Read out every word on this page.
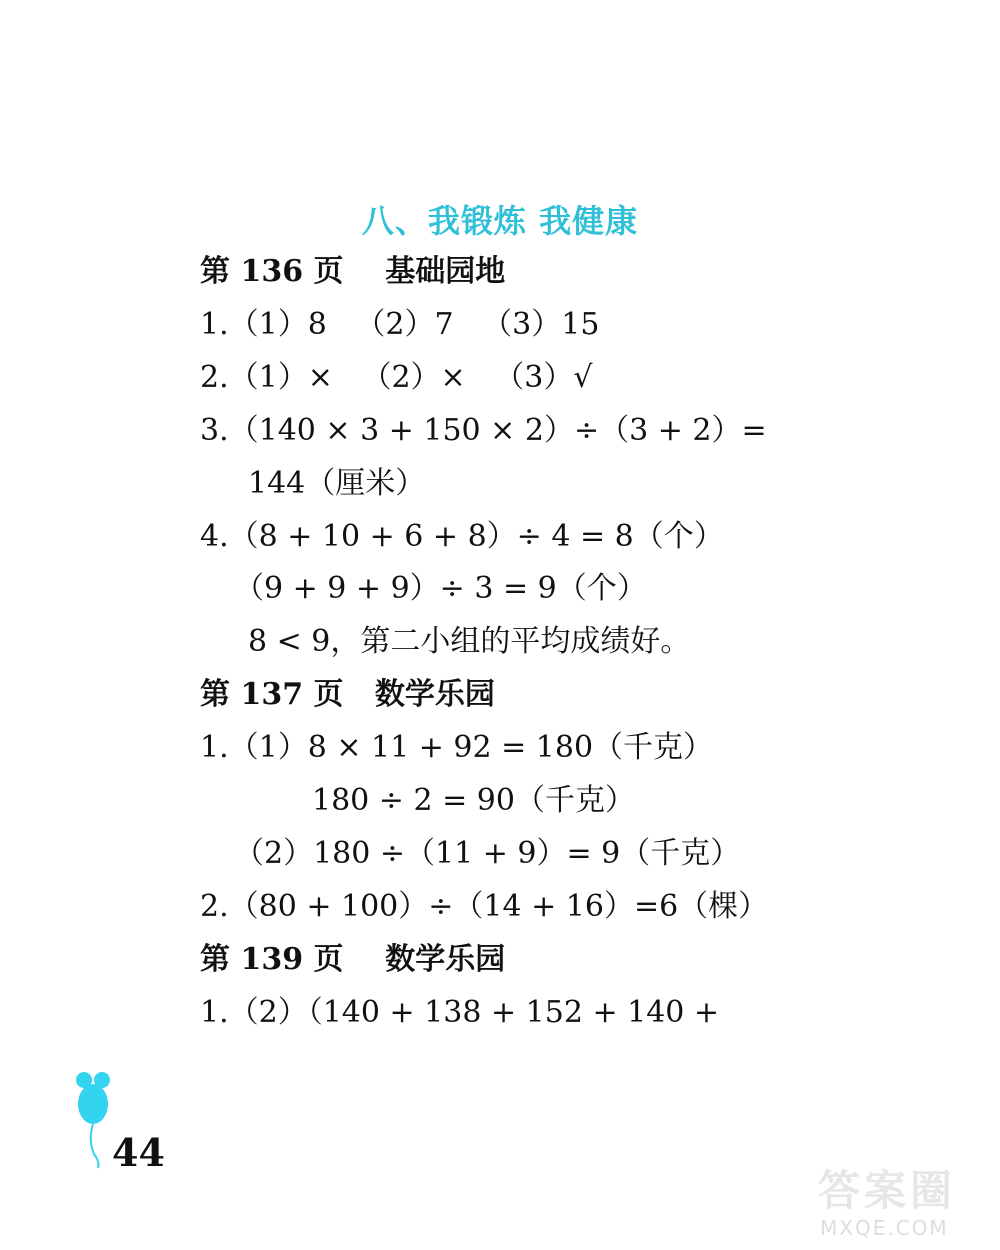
八、我锻炼 我健康
第 136 页    基础园地
1.（1）8   （2）7   （3）15
2.（1）×   （2）×   （3）√
3.（140 × 3 + 150 × 2）÷（3 + 2）=
144（厘米）
4.（8 + 10 + 6 + 8）÷ 4 = 8（个）
（9 + 9 + 9）÷ 3 = 9（个）
8 < 9，第二小组的平均成绩好。
第 137 页   数学乐园
1.（1）8 × 11 + 92 = 180（千克）
180 ÷ 2 = 90（千克）
（2）180 ÷（11 + 9）= 9（千克）
2.（80 + 100）÷（14 + 16）=6（棵）
第 139 页    数学乐园
1.（2）（140 + 138 + 152 + 140 +
44
答案圈
MXQE.COM
